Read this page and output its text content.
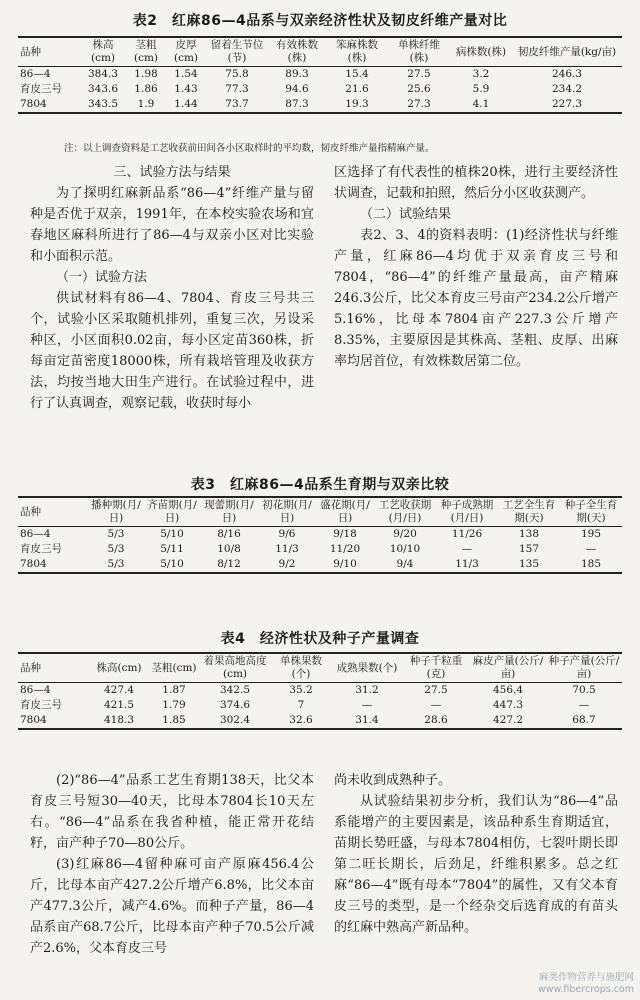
表2　红麻86—4品系与双亲经济性状及韧皮纤维产量对比
品种	株高(cm)	茎粗(cm)	皮厚(cm)	留着生节位(节)	有效株数(株)	笨麻株数(株)	单株纤维(株)	病株数(株)	韧皮纤维产量(kg/亩)
86—4	384.3	1.98	1.54	75.8	89.3	15.4	27.5	3.2	246.3
育皮三号	343.6	1.86	1.43	77.3	94.6	21.6	25.6	5.9	234.2
7804	343.5	1.9	1.44	73.7	87.3	19.3	27.3	4.1	227.3
注：以上调查资料是工艺收获前田间各小区取样时的平均数，韧皮纤维产量指精麻产量。

三、试验方法与结果

为了探明红麻新品系“86—4”纤维产量与留种是否优于双亲，1991年，在本校实验农场和宜春地区麻科所进行了86—4与双亲小区对比实验和小面积示范。

（一）试验方法

供试材料有86—4、7804、育皮三号共三个，试验小区采取随机排列，重复三次，另设采种区，小区面积0.02亩，每小区定苗360株，折每亩定苗密度18000株，所有栽培管理及收获方法，均按当地大田生产进行。在试验过程中，进行了认真调查，观察记载，收获时每小

区选择了有代表性的植株20株，进行主要经济性状调查，记载和拍照，然后分小区收获测产。

（二）试验结果

表2、3、4的资料表明：(1)经济性状与纤维产量，红麻86—4均优于双亲育皮三号和7804，“86—4”的纤维产量最高，亩产精麻246.3公斤，比父本育皮三号亩产234.2公斤增产5.16%，比母本7804亩产227.3公斤增产8.35%，主要原因是其株高、茎粗、皮厚、出麻率均居首位，有效株数居第二位。

表3　红麻86—4品系生育期与双亲比较
品种	播种期(月/日)	齐苗期(月/日)	现蕾期(月/日)	初花期(月/日)	盛花期(月/日)	工艺收获期(月/日)	种子成熟期(月/日)	工艺全生育期(天)	种子全生育期(天)
86—4	5/3	5/10	8/16	9/6	9/18	9/20	11/26	138	195
育皮三号	5/3	5/11	10/8	11/3	11/20	10/10	—	157	—
7804	5/3	5/10	8/12	9/2	9/10	9/4	11/3	135	185
表4　经济性状及种子产量调查
品种	株高(cm)	茎粗(cm)	着果高地高度(cm)	单株果数(个)	成熟果数(个)	种子千粒重(克)	麻皮产量(公斤/亩)	种子产量(公斤/亩)
86—4	427.4	1.87	342.5	35.2	31.2	27.5	456.4	70.5
育皮三号	421.5	1.79	374.6	7	—	—	447.3	—
7804	418.3	1.85	302.4	32.6	31.4	28.6	427.2	68.7

(2)“86—4”品系工艺生育期138天，比父本育皮三号短30—40天，比母本7804长10天左右。“86—4”品系在我省种植，能正常开花结籽，亩产种子70—80公斤。

(3)红麻86—4留种麻可亩产原麻456.4公斤，比母本亩产427.2公斤增产6.8%，比父本亩产477.3公斤，减产4.6%。而种子产量，86—4品系亩产68.7公斤，比母本亩产种子70.5公斤减产2.6%，父本育皮三号

尚未收到成熟种子。

从试验结果初步分析，我们认为“86—4”品系能增产的主要因素是，该品种系生育期适宜，苗期长势旺盛，与母本7804相仿，七裂叶期长即第二旺长期长，后劲足，纤维积累多。总之红麻“86—4”既有母本“7804”的属性，又有父本育皮三号的类型，是一个经杂交后选育成的有苗头的红麻中熟高产新品种。

麻类作物营养与施肥网
www.fibercrops.com
